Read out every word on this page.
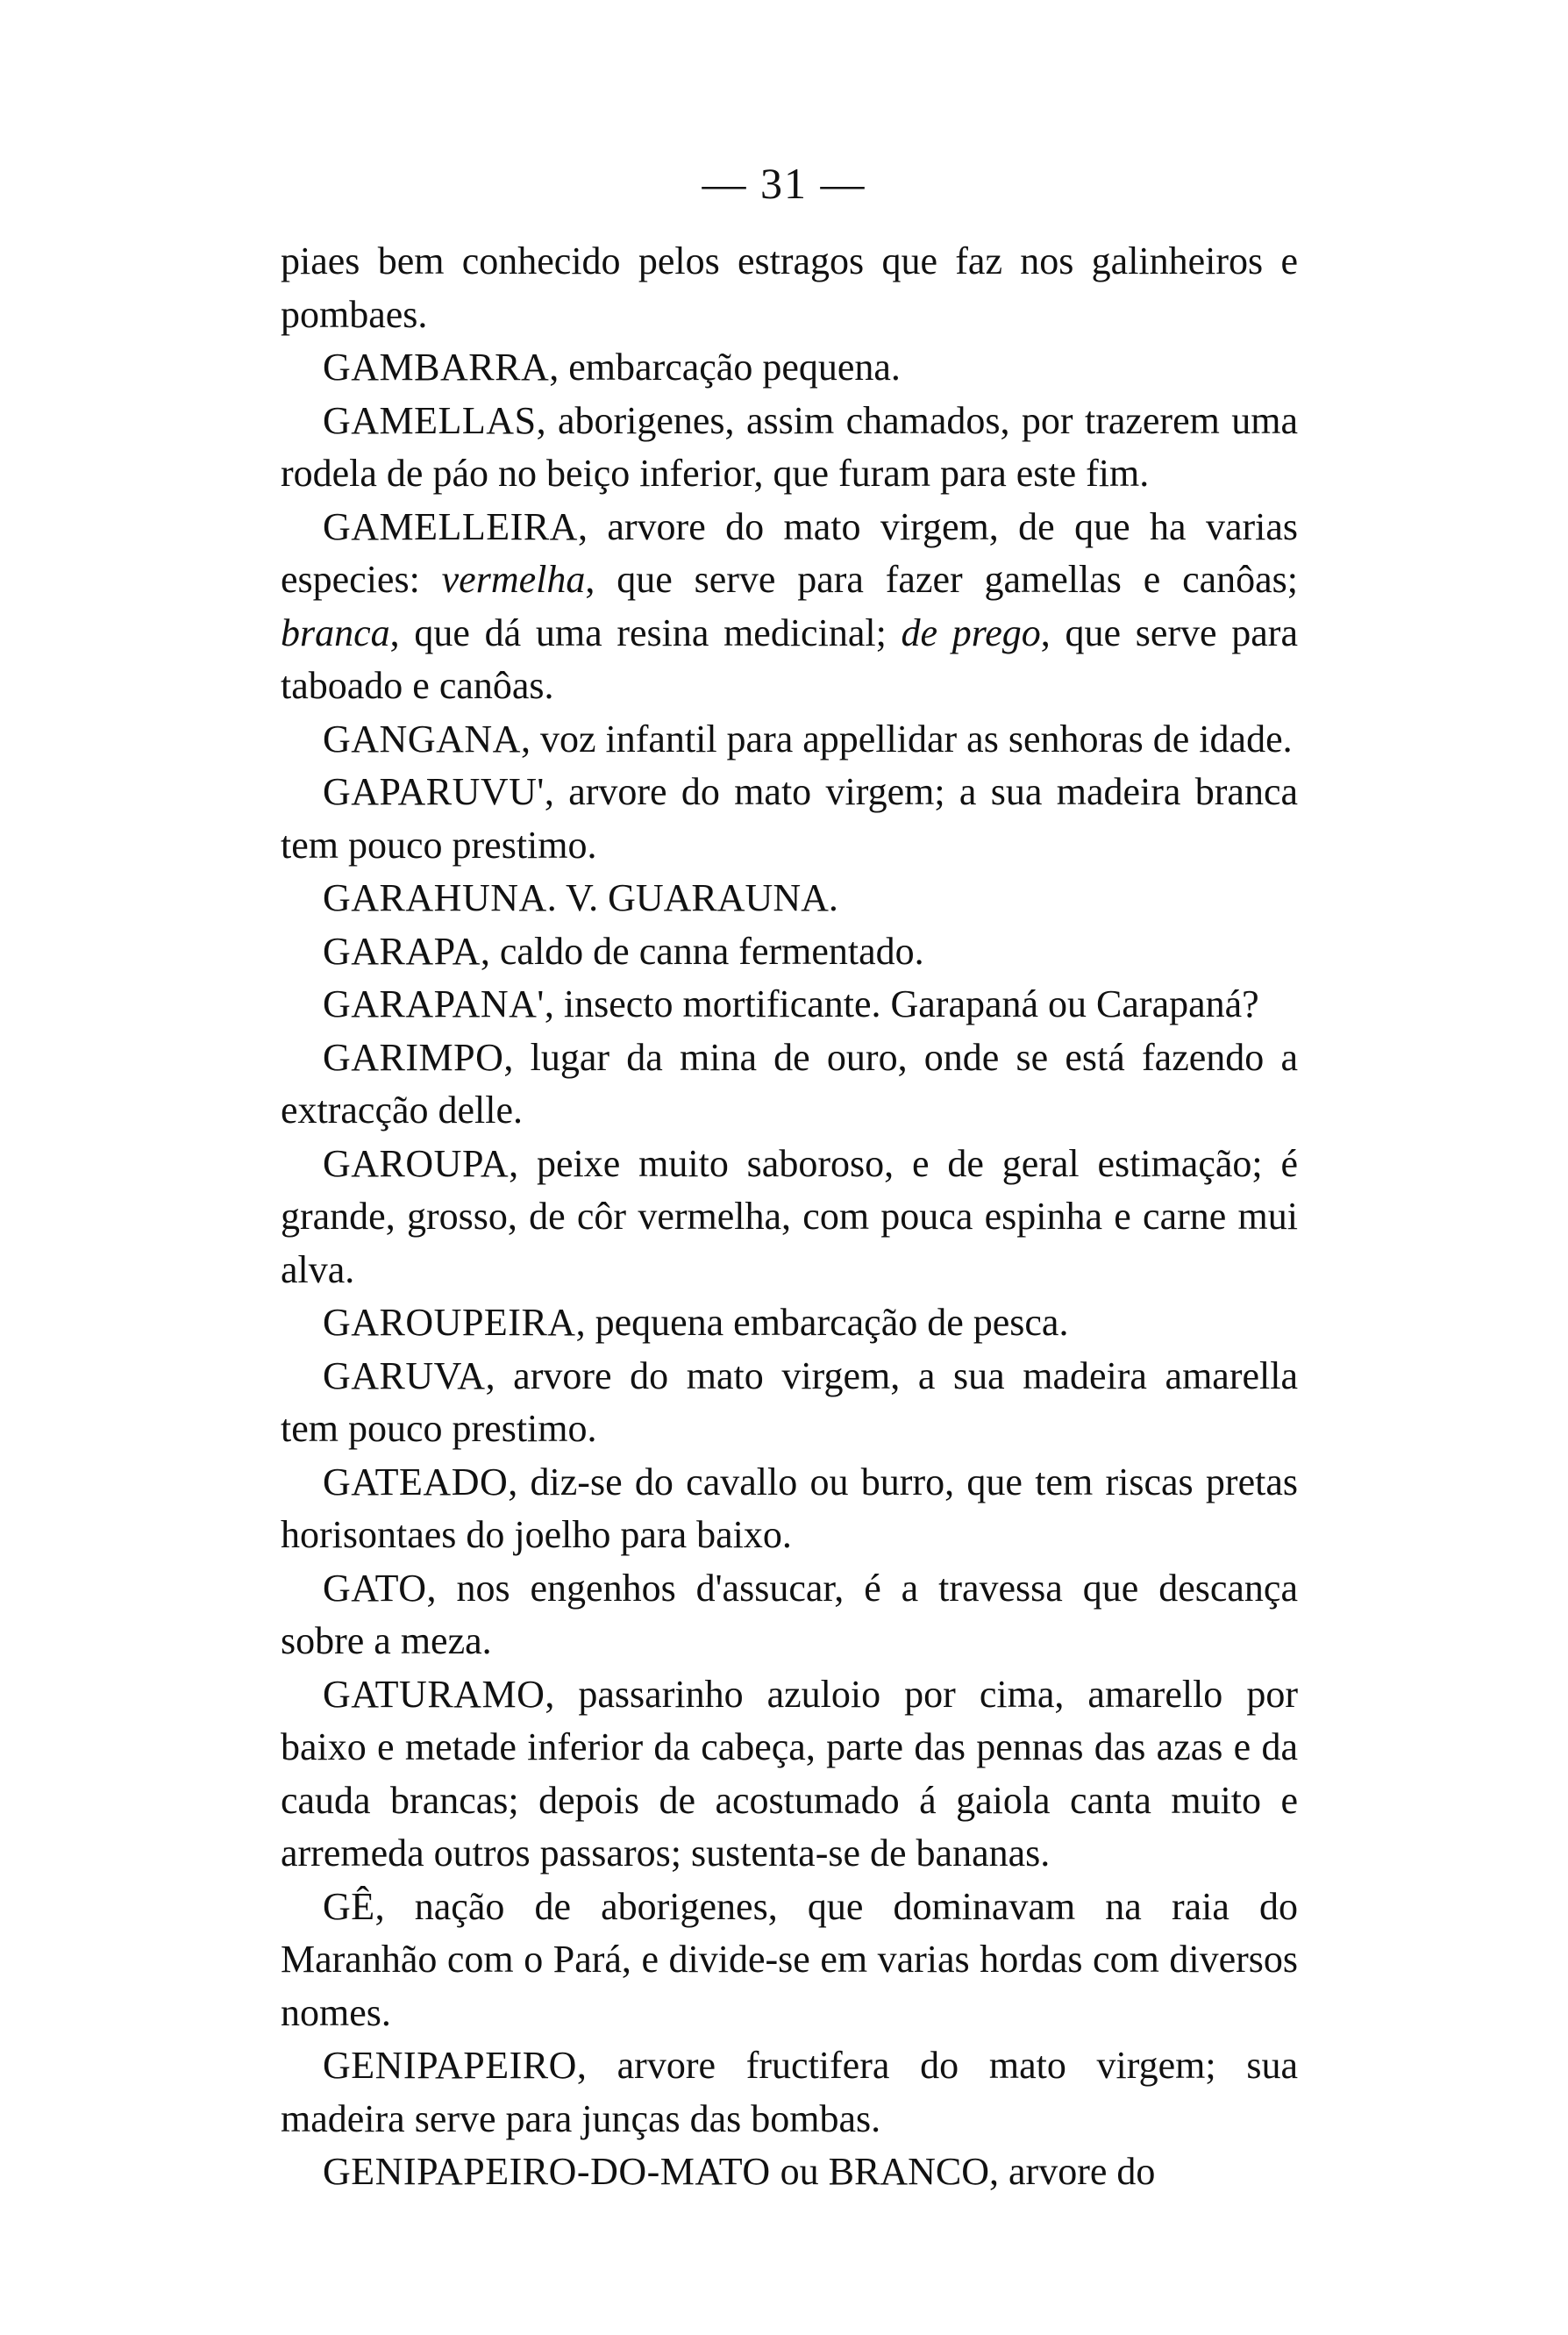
— 31 —

piaes bem conhecido pelos estragos que faz nos galinheiros e pombaes.

GAMBARRA, embarcação pequena.

GAMELLAS, aborigenes, assim chamados, por trazerem uma rodela de páo no beiço inferior, que furam para este fim.

GAMELLEIRA, arvore do mato virgem, de que ha varias especies: vermelha, que serve para fazer gamellas e canôas; branca, que dá uma resina medicinal; de prego, que serve para taboado e canôas.

GANGANA, voz infantil para appellidar as senhoras de idade.

GAPARUVU', arvore do mato virgem; a sua madeira branca tem pouco prestimo.

GARAHUNA. V. GUARAUNA.

GARAPA, caldo de canna fermentado.

GARAPANA', insecto mortificante. Garapaná ou Carapaná?

GARIMPO, lugar da mina de ouro, onde se está fazendo a extracção delle.

GAROUPA, peixe muito saboroso, e de geral estimação; é grande, grosso, de côr vermelha, com pouca espinha e carne mui alva.

GAROUPEIRA, pequena embarcação de pesca.

GARUVA, arvore do mato virgem, a sua madeira amarella tem pouco prestimo.

GATEADO, diz-se do cavallo ou burro, que tem riscas pretas horisontaes do joelho para baixo.

GATO, nos engenhos d'assucar, é a travessa que descança sobre a meza.

GATURAMO, passarinho azuloio por cima, amarello por baixo e metade inferior da cabeça, parte das pennas das azas e da cauda brancas; depois de acostumado á gaiola canta muito e arremeda outros passaros; sustenta-se de bananas.

GÊ, nação de aborigenes, que dominavam na raia do Maranhão com o Pará, e divide-se em varias hordas com diversos nomes.

GENIPAPEIRO, arvore fructifera do mato virgem; sua madeira serve para junças das bombas.

GENIPAPEIRO-DO-MATO ou BRANCO, arvore do
